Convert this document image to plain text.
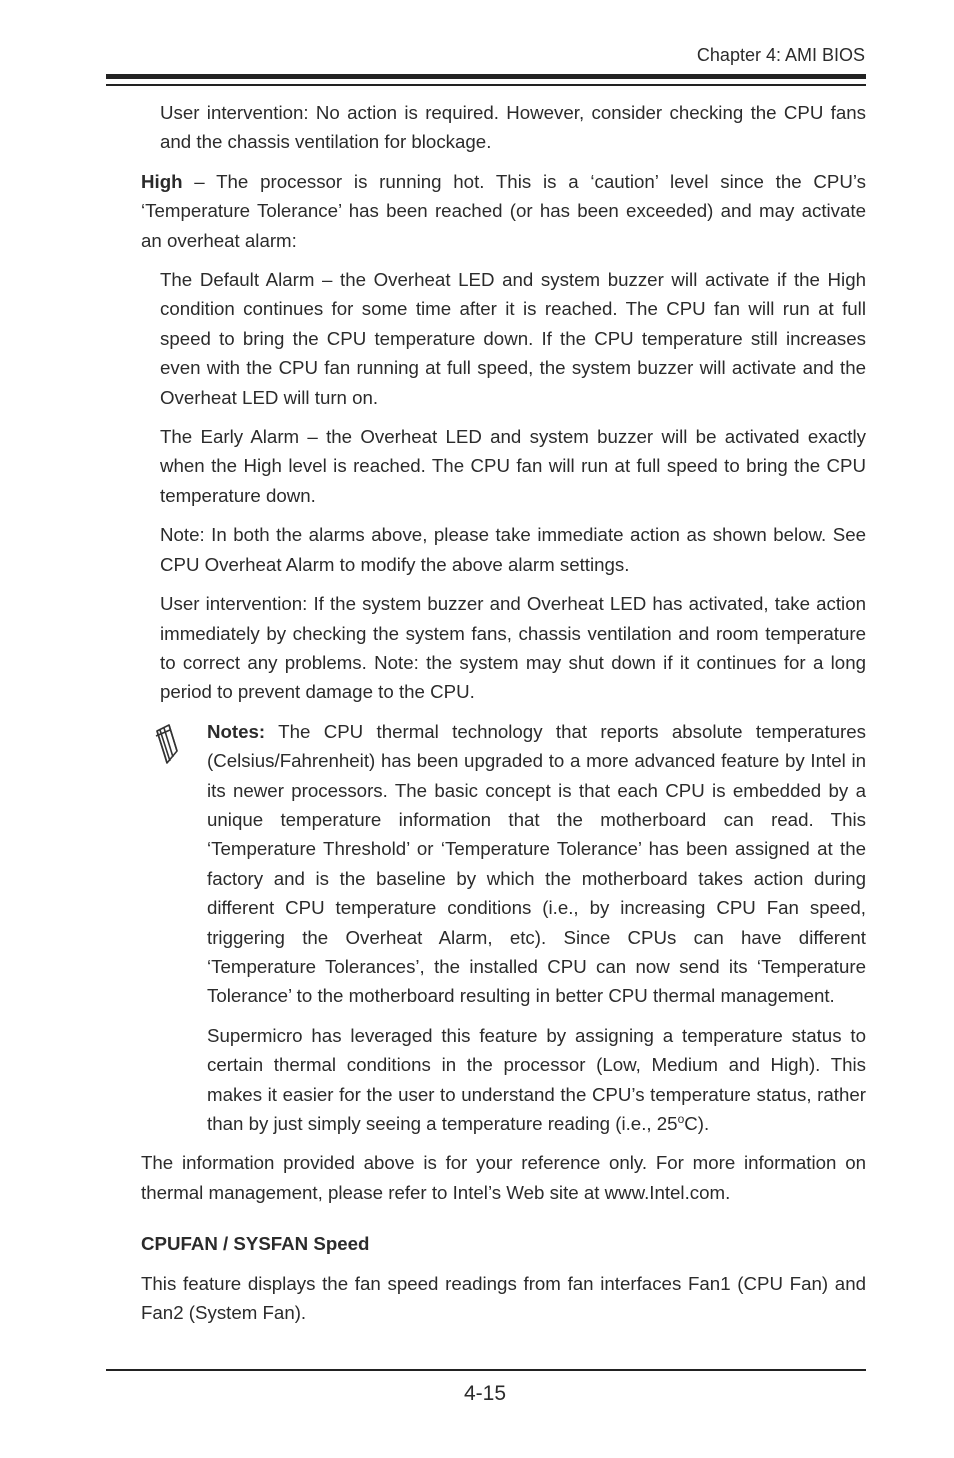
Chapter 4: AMI BIOS

User intervention: No action is required. However, consider checking the CPU fans and the chassis ventilation for blockage.

High – The processor is running hot. This is a ‘caution’ level since the CPU’s ‘Temperature Tolerance’ has been reached (or has been exceeded) and may activate an overheat alarm:

The Default Alarm – the Overheat LED and system buzzer will activate if the High condition continues for some time after it is reached. The CPU fan will run at full speed to bring the CPU temperature down. If the CPU temperature still increases even with the CPU fan running at full speed, the system buzzer will activate and the Overheat LED will turn on.

The Early Alarm – the Overheat LED and system buzzer will be activated exactly when the High level is reached. The CPU fan will run at full speed to bring the CPU temperature down.

Note: In both the alarms above, please take immediate action as shown below. See CPU Overheat Alarm to modify the above alarm settings.

User intervention: If the system buzzer and Overheat LED has activated, take action immediately by checking the system fans, chassis ventilation and room temperature to correct any problems. Note: the system may shut down if it continues for a long period to prevent damage to the CPU.

Notes: The CPU thermal technology that reports absolute temperatures (Celsius/Fahrenheit) has been upgraded to a more advanced feature by Intel in its newer processors. The basic concept is that each CPU is embedded by a unique temperature information that the motherboard can read. This ‘Temperature Threshold’ or ‘Temperature Tolerance’ has been assigned at the factory and is the baseline by which the motherboard takes action during different CPU temperature conditions (i.e., by increasing CPU Fan speed, triggering the Overheat Alarm, etc). Since CPUs can have different ‘Temperature Tolerances’, the installed CPU can now send its ‘Temperature Tolerance’ to the motherboard resulting in better CPU thermal management.

Supermicro has leveraged this feature by assigning a temperature status to certain thermal conditions in the processor (Low, Medium and High). This makes it easier for the user to understand the CPU’s temperature status, rather than by just simply seeing a temperature reading (i.e., 25$^o$C).

The information provided above is for your reference only. For more information on thermal management, please refer to Intel’s Web site at www.Intel.com.

CPUFAN / SYSFAN Speed

This feature displays the fan speed readings from fan interfaces Fan1 (CPU Fan) and Fan2 (System Fan).

4-15
